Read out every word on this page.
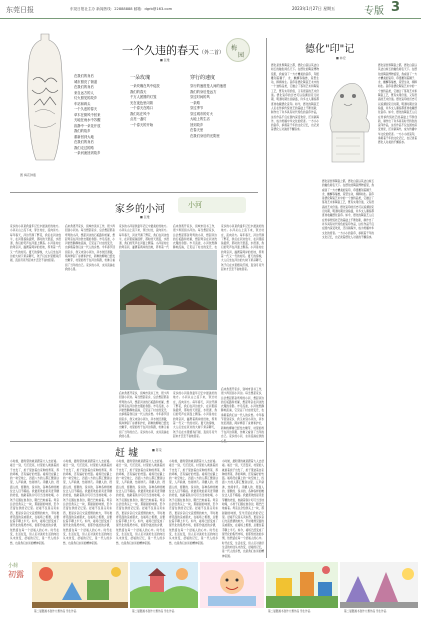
东莞日报	东莞日报社主办 新闻热线：22888888 邮箱：dgrb@163.com	2023年1月27日 星期五	专版 3
图 梅花钟瓶
一个久违的春天（外二首）
■ 张维
梅
园
在我们的身后
城市照亮了街道
在我们的身后
来自远方的人
灯火照见的故乡
车站和码头
一个久违的春天
草木在微风中回来
天地在雨水中苏醒
寂静中一朵花开放
我们的故乡
重新回到大地
在我们的身后
我们走过的路
一条河流回到故乡
一朵玫瑰
一朵玫瑰在风中绽放
我们的春天
千万人团圆的灯笼
光在夜色里闪烁
一个春天在路口
我们站在风中
点亮一盏灯
一个春天的开始
穿行的速度
穿行的速度是人间的速度
我们的身后是远方
穿过时间的风
一条路
穿过季节
穿过城市的灯火
大地上的生活
回到故乡
在春天里
在我们身后的光阴里
家乡的小河
■ 张维
小河
家乡的小河是我童年记忆中最美好的地方。小河从山上流下来，穿过村庄，流向远方。每年春天，河边开满了野花，我们在河边放牛，在河里摸鱼捉虾，那时的天很蓝，水很清，我们的笑声在河面上飘荡。小河是村庄的母亲河，灌溉着两岸的田地，养育着一代又一代的村民。夏天的傍晚，大人们坐在河边的大树下乘凉聊天，孩子们在水里嬉戏打闹，直到月亮升起来才恋恋不舍地回家。
后来我离开家乡，到城市读书工作，很少再回到小河边。每当想起家乡，总会想起那条弯弯的小河，想起河边的石板路和老屋，想起母亲在河边洗衣服的身影。岁月流逝，小河依然静静地流淌，它见证了村庄的变迁，也承载着我们这一代人的乡愁。今年春节回到家乡，我又来到小河边，河水依旧清澈，两岸修起了步道和护栏，新种的柳树已经发出嫩芽，村里的孩子在河边奔跑，仿佛又看到了当年的自己。家乡的小河，永远流淌在我的心里。
家乡的小河是我童年记忆中最美好的地方。小河从山上流下来，穿过村庄，流向远方。每年春天，河边开满了野花，我们在河边放牛，在河里摸鱼捉虾，那时的天很蓝，水很清，我们的笑声在河面上飘荡。小河是村庄的母亲河，灌溉着两岸的田地，养育着一代
后来我离开家乡，到城市读书工作，很少再回到小河边。每当想起家乡，总会想起那条弯弯的小河，想起河边的石板路和老屋，想起母亲在河边洗衣服的身影。岁月流逝，小河依然静静地流淌，它见证了村庄的变迁，也
家乡的小河是我童年记忆中最美好的地方。小河从山上流下来，穿过村庄，流向远方。每年春天，河边开满了野花，我们在河边放牛，在河里摸鱼捉虾，那时的天很蓝，水很清，我们的笑声在河面上飘荡。小河是村庄的母亲河，灌溉着两岸的田地，养育着一代又一代的村民。夏天的傍晚，大人们坐在河边的大树下乘凉聊天，孩子们在水里嬉戏打闹，直到月亮升起来才恋恋不舍地回家。
后来我离开家乡，到城市读书工作，很少再回到小河边。每当想起家乡，总会想起那条弯弯的小河，想起河边的石板路和老屋，想起母亲在河边洗衣服的身影。岁月流逝，小河依然静静地流淌，它见证了村庄的变迁，也承载着我们这一代人的乡愁。今年春节回到家乡，我又来到小河边，河水依旧清澈，两岸修起了步道和护栏，新种的柳树已经发出嫩芽，村里的孩子在河边奔跑，仿佛又看到了当年的自己。家乡的小河，永远流淌在我的心里。
家乡的小河是我童年记忆中最美好的地方。小河从山上流下来，穿过村庄，流向远方。每年春天，河边开满了野花，我们在河边放牛，在河里摸鱼捉虾，那时的天很蓝，水很清，我们的笑声在河面上飘荡。小河是村庄的母亲河，灌溉着两岸的田地，养育着一代又一代的村民。夏天的傍晚，大人们坐在河边的大树下乘凉聊天，孩子们在水里嬉戏打闹，直到月亮升起来才恋恋不舍地回家。
后来我离开家乡，到城市读书工作，很少再回到小河边。每当想起家乡，总会想起那条弯弯的小河，想起河边的石板路和老屋，想起母亲在河边洗衣服的身影。岁月流逝，小河依然静静地流淌，它见证了村庄的变迁，也承载着我们这一代人的乡愁。今年春节回到家乡，我又来到小河边，河水依旧清澈，两岸修起了步道和护栏，新种的柳树已经发出嫩芽，村里的孩子在河边奔跑，仿佛又看到了当年的自己。家乡的小河，永远流淌在我的心里。
德化"印"记
■ 林宏
德化是世界陶瓷之都，德化白瓷以其洁白如玉的釉色闻名天下。在德化的陶瓷博物馆里，我看到了一方方精美的瓷印，印纽雕刻着狮子、龙、麒麟等瑞兽，造型生动，栩栩如生。瓷印是德化陶瓷艺术中的一个独特品类，它融合了篆刻艺术和陶瓷工艺，既有实用价值，又有很高的艺术价值。德化瓷印的历史可以追溯到宋元时期，明清时期达到鼎盛，许多文人墨客都喜欢收藏德化瓷印。如今，德化的陶瓷艺人们在传承传统技艺的基础上不断创新，制作出了许多具有时代特色的瓷印作品，这些作品不仅在国内深受欢迎，还远销海外，成为传播中华文化的使者。一方小小的瓷印，承载着千年的文化记忆，也记录着德化人对美的不懈追求。
德化是世界陶瓷之都，德化白瓷以其洁白如玉的釉色闻名天下。在德化的陶瓷博物馆里，我看到了一方方精美的瓷印，印纽雕刻着狮子、龙、麒麟等瑞兽，造型生动，栩栩如生。瓷印是德化陶瓷艺术中的一个独特品类，它融合了篆刻艺术和陶瓷工艺，既有实用价值，又有很高的艺术价值。德化瓷印的历史可以追溯到宋元时期，明清时期达到鼎盛，许多文人墨客都喜欢收藏德化瓷印。如今，德化的陶瓷艺人们在传承传统技艺的基础上不断创新，制作出了许多具有时代特色的瓷印作品，这些作品不仅在国内深受欢迎，还远销海外，成为传播中华文化的使者。一方小小的瓷印，承载着千年的文化记忆，也记录着德化人对美的不懈追求。
德化是世界陶瓷之都，德化白瓷以其洁白如玉的釉色闻名天下。在德化的陶瓷博物馆里，我看到了一方方精美的瓷印，印纽雕刻着狮子、龙、麒麟等瑞兽，造型生动，栩栩如生。瓷印是德化陶瓷艺术中的一个独特品类，它融合了篆刻艺术和陶瓷工艺，既有实用价值，又有很高的艺术价值。德化瓷印的历史可以追溯到宋元时期，明清时期达到鼎盛，许多文人墨客都喜欢收藏德化瓷印。如今，德化的陶瓷艺人们在传承传统技艺的基础上不断创新，制作出了许多具有时代特色的瓷印作品，这些作品不仅在国内深受欢迎，还远销海外，成为传播中华文化的使者。一方小小的瓷印，承载着千年的文化记忆，也记录着德化人对美的不懈追求。
赶 墟	■ 陈景
小时候，最盼望的就是跟着大人去赶墟。墟日一到，天还没亮，村里的人就挑着担子出发了，担子里装着自家种的青菜、养的鸡鸭，还有编好的竹篮。墟场设在镇上的一块空地上，四面八方的人都汇聚到这里，人声鼎沸，热闹非凡。卖糖人的、捏面人的、耍猴的、说书的，各种各样的摊位让人目不暇接。我最喜欢的是卖麦芽糖的老伯，他敲着铁片叮叮当当地吆喝，小孩子们围在他身边，眼巴巴地看着。母亲总会给我买上一块，那甜甜的味道，至今还留在我的记忆里。赶墟不仅是买卖东西，更是乡亲们交流感情的地方，平时难得见面的亲戚朋友，在墟场上相遇，总要拉着手聊上半天。如今，墟场已经变成了现代化的集贸市场，但那份浓浓的乡情，依然留在每一个赶墟人的心中。时代在变，生活在变，但人们对美好生活的向往从未改变，赶墟的记忆，是一代人的乡愁，也是我们永远的精神家园。
小时候，最盼望的就是跟着大人去赶墟。墟日一到，天还没亮，村里的人就挑着担子出发了，担子里装着自家种的青菜、养的鸡鸭，还有编好的竹篮。墟场设在镇上的一块空地上，四面八方的人都汇聚到这里，人声鼎沸，热闹非凡。卖糖人的、捏面人的、耍猴的、说书的，各种各样的摊位让人目不暇接。我最喜欢的是卖麦芽糖的老伯，他敲着铁片叮叮当当地吆喝，小孩子们围在他身边，眼巴巴地看着。母亲总会给我买上一块，那甜甜的味道，至今还留在我的记忆里。赶墟不仅是买卖东西，更是乡亲们交流感情的地方，平时难得见面的亲戚朋友，在墟场上相遇，总要拉着手聊上半天。如今，墟场已经变成了现代化的集贸市场，但那份浓浓的乡情，依然留在每一个赶墟人的心中。时代在变，生活在变，但人们对美好生活的向往从未改变，赶墟的记忆，是一代人的乡愁，也是我们永远的精神家园。
小时候，最盼望的就是跟着大人去赶墟。墟日一到，天还没亮，村里的人就挑着担子出发了，担子里装着自家种的青菜、养的鸡鸭，还有编好的竹篮。墟场设在镇上的一块空地上，四面八方的人都汇聚到这里，人声鼎沸，热闹非凡。卖糖人的、捏面人的、耍猴的、说书的，各种各样的摊位让人目不暇接。我最喜欢的是卖麦芽糖的老伯，他敲着铁片叮叮当当地吆喝，小孩子们围在他身边，眼巴巴地看着。母亲总会给我买上一块，那甜甜的味道，至今还留在我的记忆里。赶墟不仅是买卖东西，更是乡亲们交流感情的地方，平时难得见面的亲戚朋友，在墟场上相遇，总要拉着手聊上半天。如今，墟场已经变成了现代化的集贸市场，但那份浓浓的乡情，依然留在每一个赶墟人的心中。时代在变，生活在变，但人们对美好生活的向往从未改变，赶墟的记忆，是一代人的乡愁，也是我们永远的精神家园。
小时候，最盼望的就是跟着大人去赶墟。墟日一到，天还没亮，村里的人就挑着担子出发了，担子里装着自家种的青菜、养的鸡鸭，还有编好的竹篮。墟场设在镇上的一块空地上，四面八方的人都汇聚到这里，人声鼎沸，热闹非凡。卖糖人的、捏面人的、耍猴的、说书的，各种各样的摊位让人目不暇接。我最喜欢的是卖麦芽糖的老伯，他敲着铁片叮叮当当地吆喝，小孩子们围在他身边，眼巴巴地看着。母亲总会给我买上一块，那甜甜的味道，至今还留在我的记忆里。赶墟不仅是买卖东西，更是乡亲们交流感情的地方，平时难得见面的亲戚朋友，在墟场上相遇，总要拉着手聊上半天。如今，墟场已经变成了现代化的集贸市场，但那份浓浓的乡情，依然留在每一个赶墟人的心中。时代在变，生活在变，但人们对美好生活的向往从未改变，赶墟的记忆，是一代人的乡愁，也是我们永远的精神家园。
小时候，最盼望的就是跟着大人去赶墟。墟日一到，天还没亮，村里的人就挑着担子出发了，担子里装着自家种的青菜、养的鸡鸭，还有编好的竹篮。墟场设在镇上的一块空地上，四面八方的人都汇聚到这里，人声鼎沸，热闹非凡。卖糖人的、捏面人的、耍猴的、说书的，各种各样的摊位让人目不暇接。我最喜欢的是卖麦芽糖的老伯，他敲着铁片叮叮当当地吆喝，小孩子们围在他身边，眼巴巴地看着。母亲总会给我买上一块，那甜甜的味道，至今还留在我的记忆里。赶墟不仅是买卖东西，更是乡亲们交流感情的地方，平时难得见面的亲戚朋友，在墟场上相遇，总要拉着手聊上半天。如今，墟场已经变成了现代化的集贸市场，但那份浓浓的乡情，依然留在每一个赶墟人的心中。时代在变，生活在变，但人们对美好生活的向往从未改变，赶墟的记忆，是一代人的乡愁，也是我们永远的精神家园。
小荷
初露
第二届图画书创作大赛作品 学生作品	第二届图画书创作大赛作品 学生作品	第二届图画书创作大赛作品 学生作品	第二届图画书创作大赛作品 学生作品
